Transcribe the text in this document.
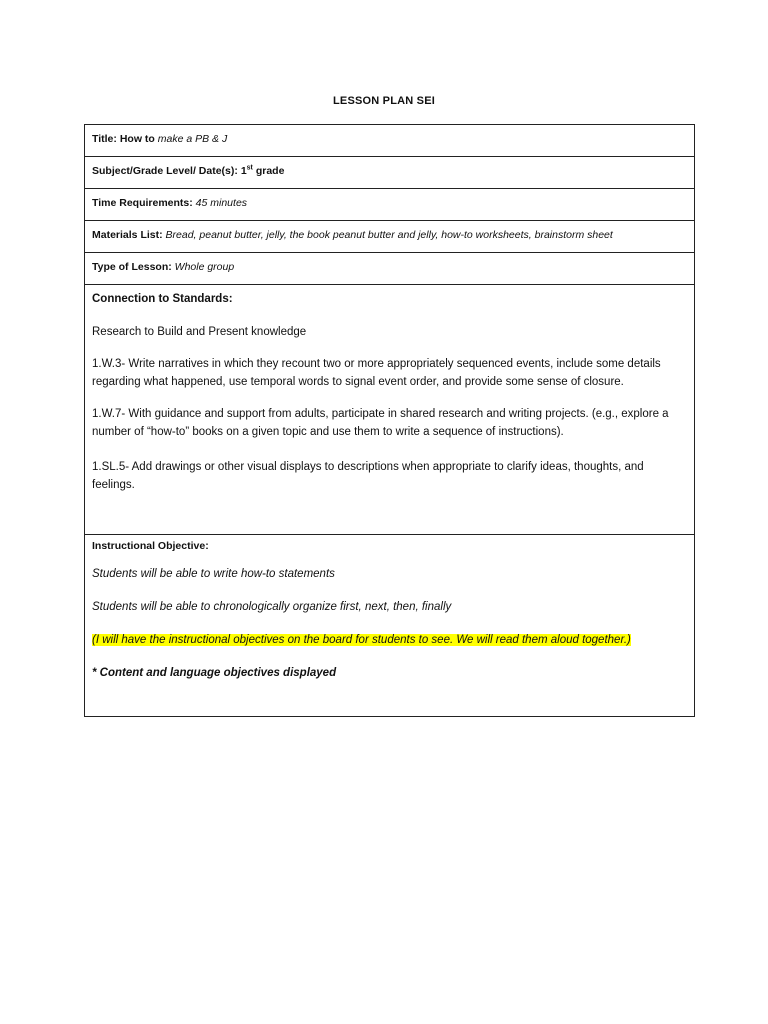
LESSON PLAN SEI
Title: How to make a PB & J
Subject/Grade Level/ Date(s): 1st grade
Time Requirements: 45 minutes
Materials List: Bread, peanut butter, jelly, the book peanut butter and jelly, how-to worksheets, brainstorm sheet
Type of Lesson: Whole group

Connection to Standards:

Research to Build and Present knowledge

1.W.3- Write narratives in which they recount two or more appropriately sequenced events, include some details regarding what happened, use temporal words to signal event order, and provide some sense of closure.

1.W.7- With guidance and support from adults, participate in shared research and writing projects. (e.g., explore a number of “how-to” books on a given topic and use them to write a sequence of instructions).

1.SL.5- Add drawings or other visual displays to descriptions when appropriate to clarify ideas, thoughts, and feelings.

Instructional Objective:

Students will be able to write how-to statements

Students will be able to chronologically organize first, next, then, finally

(I will have the instructional objectives on the board for students to see. We will read them aloud together.)

* Content and language objectives displayed
